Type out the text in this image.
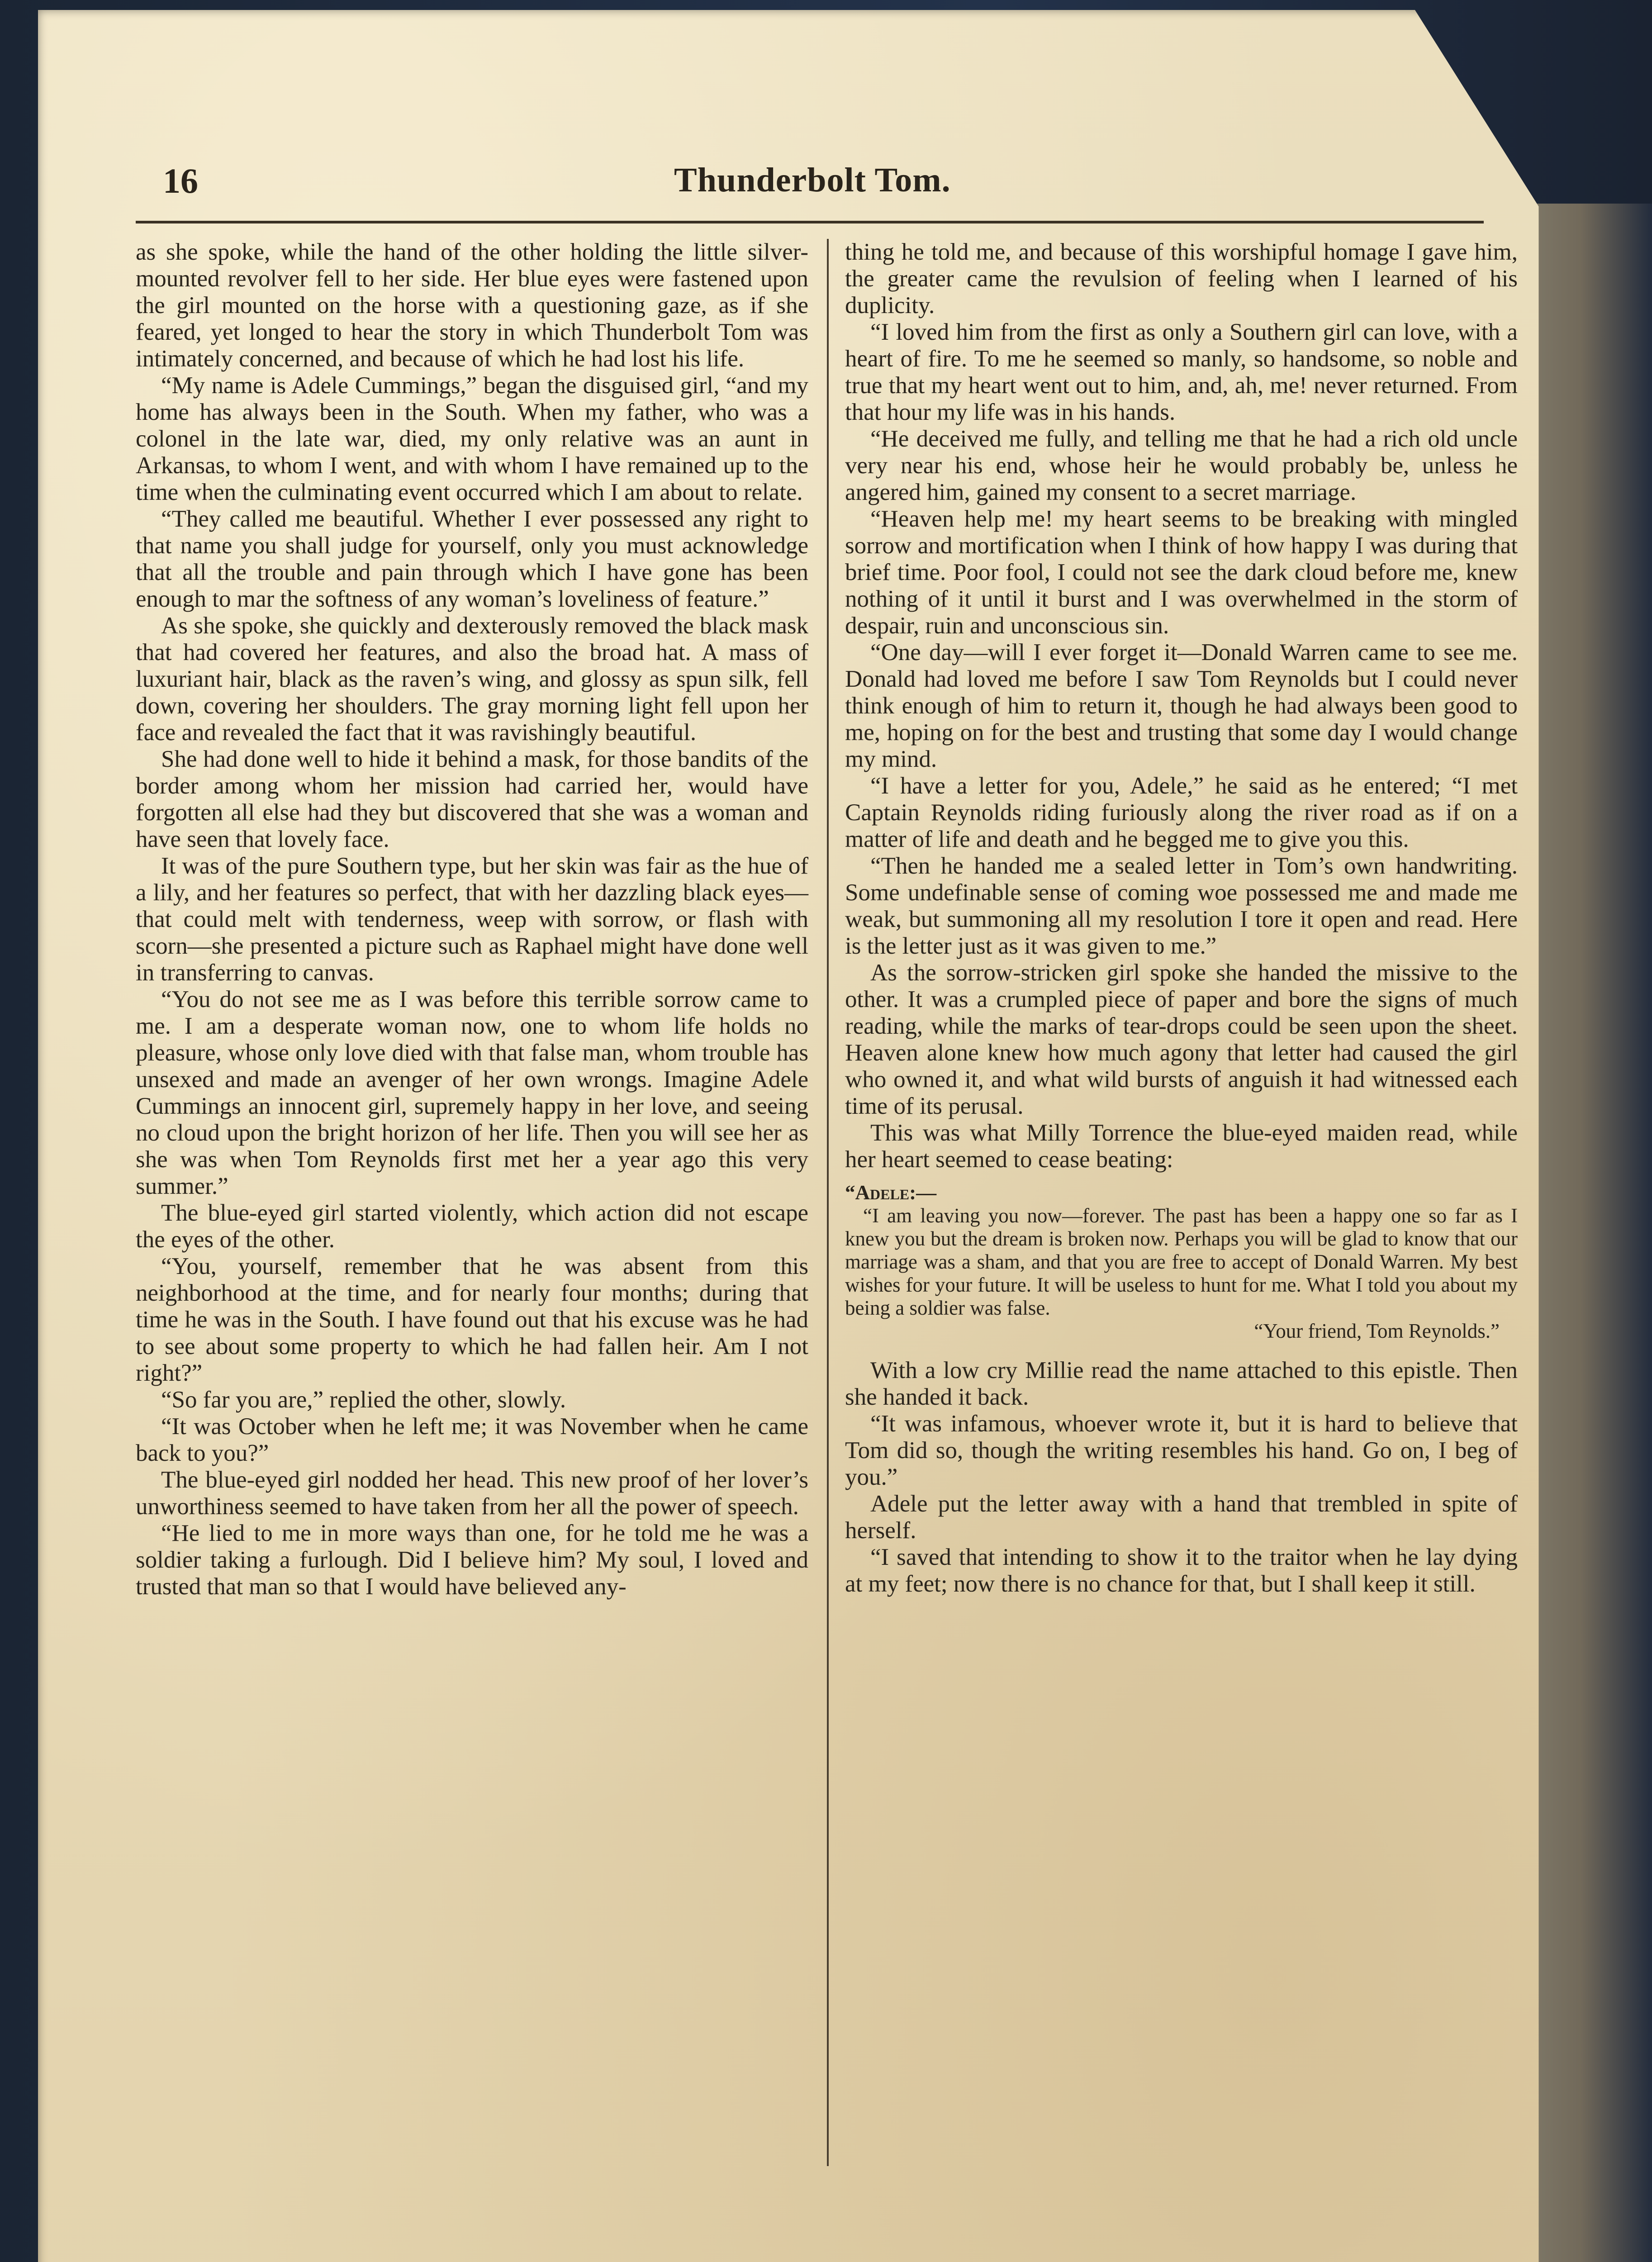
16	Thunderbolt Tom.

as she spoke, while the hand of the other holding the little silver-mounted revolver fell to her side. Her blue eyes were fastened upon the girl mounted on the horse with a questioning gaze, as if she feared, yet longed to hear the story in which Thunderbolt Tom was intimately concerned, and because of which he had lost his life.

“My name is Adele Cummings,” began the disguised girl, “and my home has always been in the South. When my father, who was a colonel in the late war, died, my only relative was an aunt in Arkansas, to whom I went, and with whom I have remained up to the time when the culminating event occurred which I am about to relate.

“They called me beautiful. Whether I ever possessed any right to that name you shall judge for yourself, only you must acknowledge that all the trouble and pain through which I have gone has been enough to mar the softness of any woman’s loveliness of feature.”

As she spoke, she quickly and dexterously removed the black mask that had covered her features, and also the broad hat. A mass of luxuriant hair, black as the raven’s wing, and glossy as spun silk, fell down, covering her shoulders. The gray morning light fell upon her face and revealed the fact that it was ravishingly beautiful.

She had done well to hide it behind a mask, for those bandits of the border among whom her mission had carried her, would have forgotten all else had they but discovered that she was a woman and have seen that lovely face.

It was of the pure Southern type, but her skin was fair as the hue of a lily, and her features so perfect, that with her dazzling black eyes—that could melt with tenderness, weep with sorrow, or flash with scorn—she presented a picture such as Raphael might have done well in transferring to canvas.

“You do not see me as I was before this terrible sorrow came to me. I am a desperate woman now, one to whom life holds no pleasure, whose only love died with that false man, whom trouble has unsexed and made an avenger of her own wrongs. Imagine Adele Cummings an innocent girl, supremely happy in her love, and seeing no cloud upon the bright horizon of her life. Then you will see her as she was when Tom Reynolds first met her a year ago this very summer.”

The blue-eyed girl started violently, which action did not escape the eyes of the other.

“You, yourself, remember that he was absent from this neighborhood at the time, and for nearly four months; during that time he was in the South. I have found out that his excuse was he had to see about some property to which he had fallen heir. Am I not right?”

“So far you are,” replied the other, slowly.

“It was October when he left me; it was November when he came back to you?”

The blue-eyed girl nodded her head. This new proof of her lover’s unworthiness seemed to have taken from her all the power of speech.

“He lied to me in more ways than one, for he told me he was a soldier taking a furlough. Did I believe him? My soul, I loved and trusted that man so that I would have believed any-

thing he told me, and because of this worshipful homage I gave him, the greater came the revulsion of feeling when I learned of his duplicity.

“I loved him from the first as only a Southern girl can love, with a heart of fire. To me he seemed so manly, so handsome, so noble and true that my heart went out to him, and, ah, me! never returned. From that hour my life was in his hands.

“He deceived me fully, and telling me that he had a rich old uncle very near his end, whose heir he would probably be, unless he angered him, gained my consent to a secret marriage.

“Heaven help me! my heart seems to be breaking with mingled sorrow and mortification when I think of how happy I was during that brief time. Poor fool, I could not see the dark cloud before me, knew nothing of it until it burst and I was overwhelmed in the storm of despair, ruin and unconscious sin.

“One day—will I ever forget it—Donald Warren came to see me. Donald had loved me before I saw Tom Reynolds but I could never think enough of him to return it, though he had always been good to me, hoping on for the best and trusting that some day I would change my mind.

“I have a letter for you, Adele,” he said as he entered; “I met Captain Reynolds riding furiously along the river road as if on a matter of life and death and he begged me to give you this.

“Then he handed me a sealed letter in Tom’s own handwriting. Some undefinable sense of coming woe possessed me and made me weak, but summoning all my resolution I tore it open and read. Here is the letter just as it was given to me.”

As the sorrow-stricken girl spoke she handed the missive to the other. It was a crumpled piece of paper and bore the signs of much reading, while the marks of tear-drops could be seen upon the sheet. Heaven alone knew how much agony that letter had caused the girl who owned it, and what wild bursts of anguish it had witnessed each time of its perusal.

This was what Milly Torrence the blue-eyed maiden read, while her heart seemed to cease beating:

“Adele:—
“I am leaving you now—forever. The past has been a happy one so far as I knew you but the dream is broken now. Perhaps you will be glad to know that our marriage was a sham, and that you are free to accept of Donald Warren. My best wishes for your future. It will be useless to hunt for me. What I told you about my being a soldier was false.
“Your friend, Tom Reynolds.”

With a low cry Millie read the name attached to this epistle. Then she handed it back.

“It was infamous, whoever wrote it, but it is hard to believe that Tom did so, though the writing resembles his hand. Go on, I beg of you.”

Adele put the letter away with a hand that trembled in spite of herself.

“I saved that intending to show it to the traitor when he lay dying at my feet; now there is no chance for that, but I shall keep it still.
